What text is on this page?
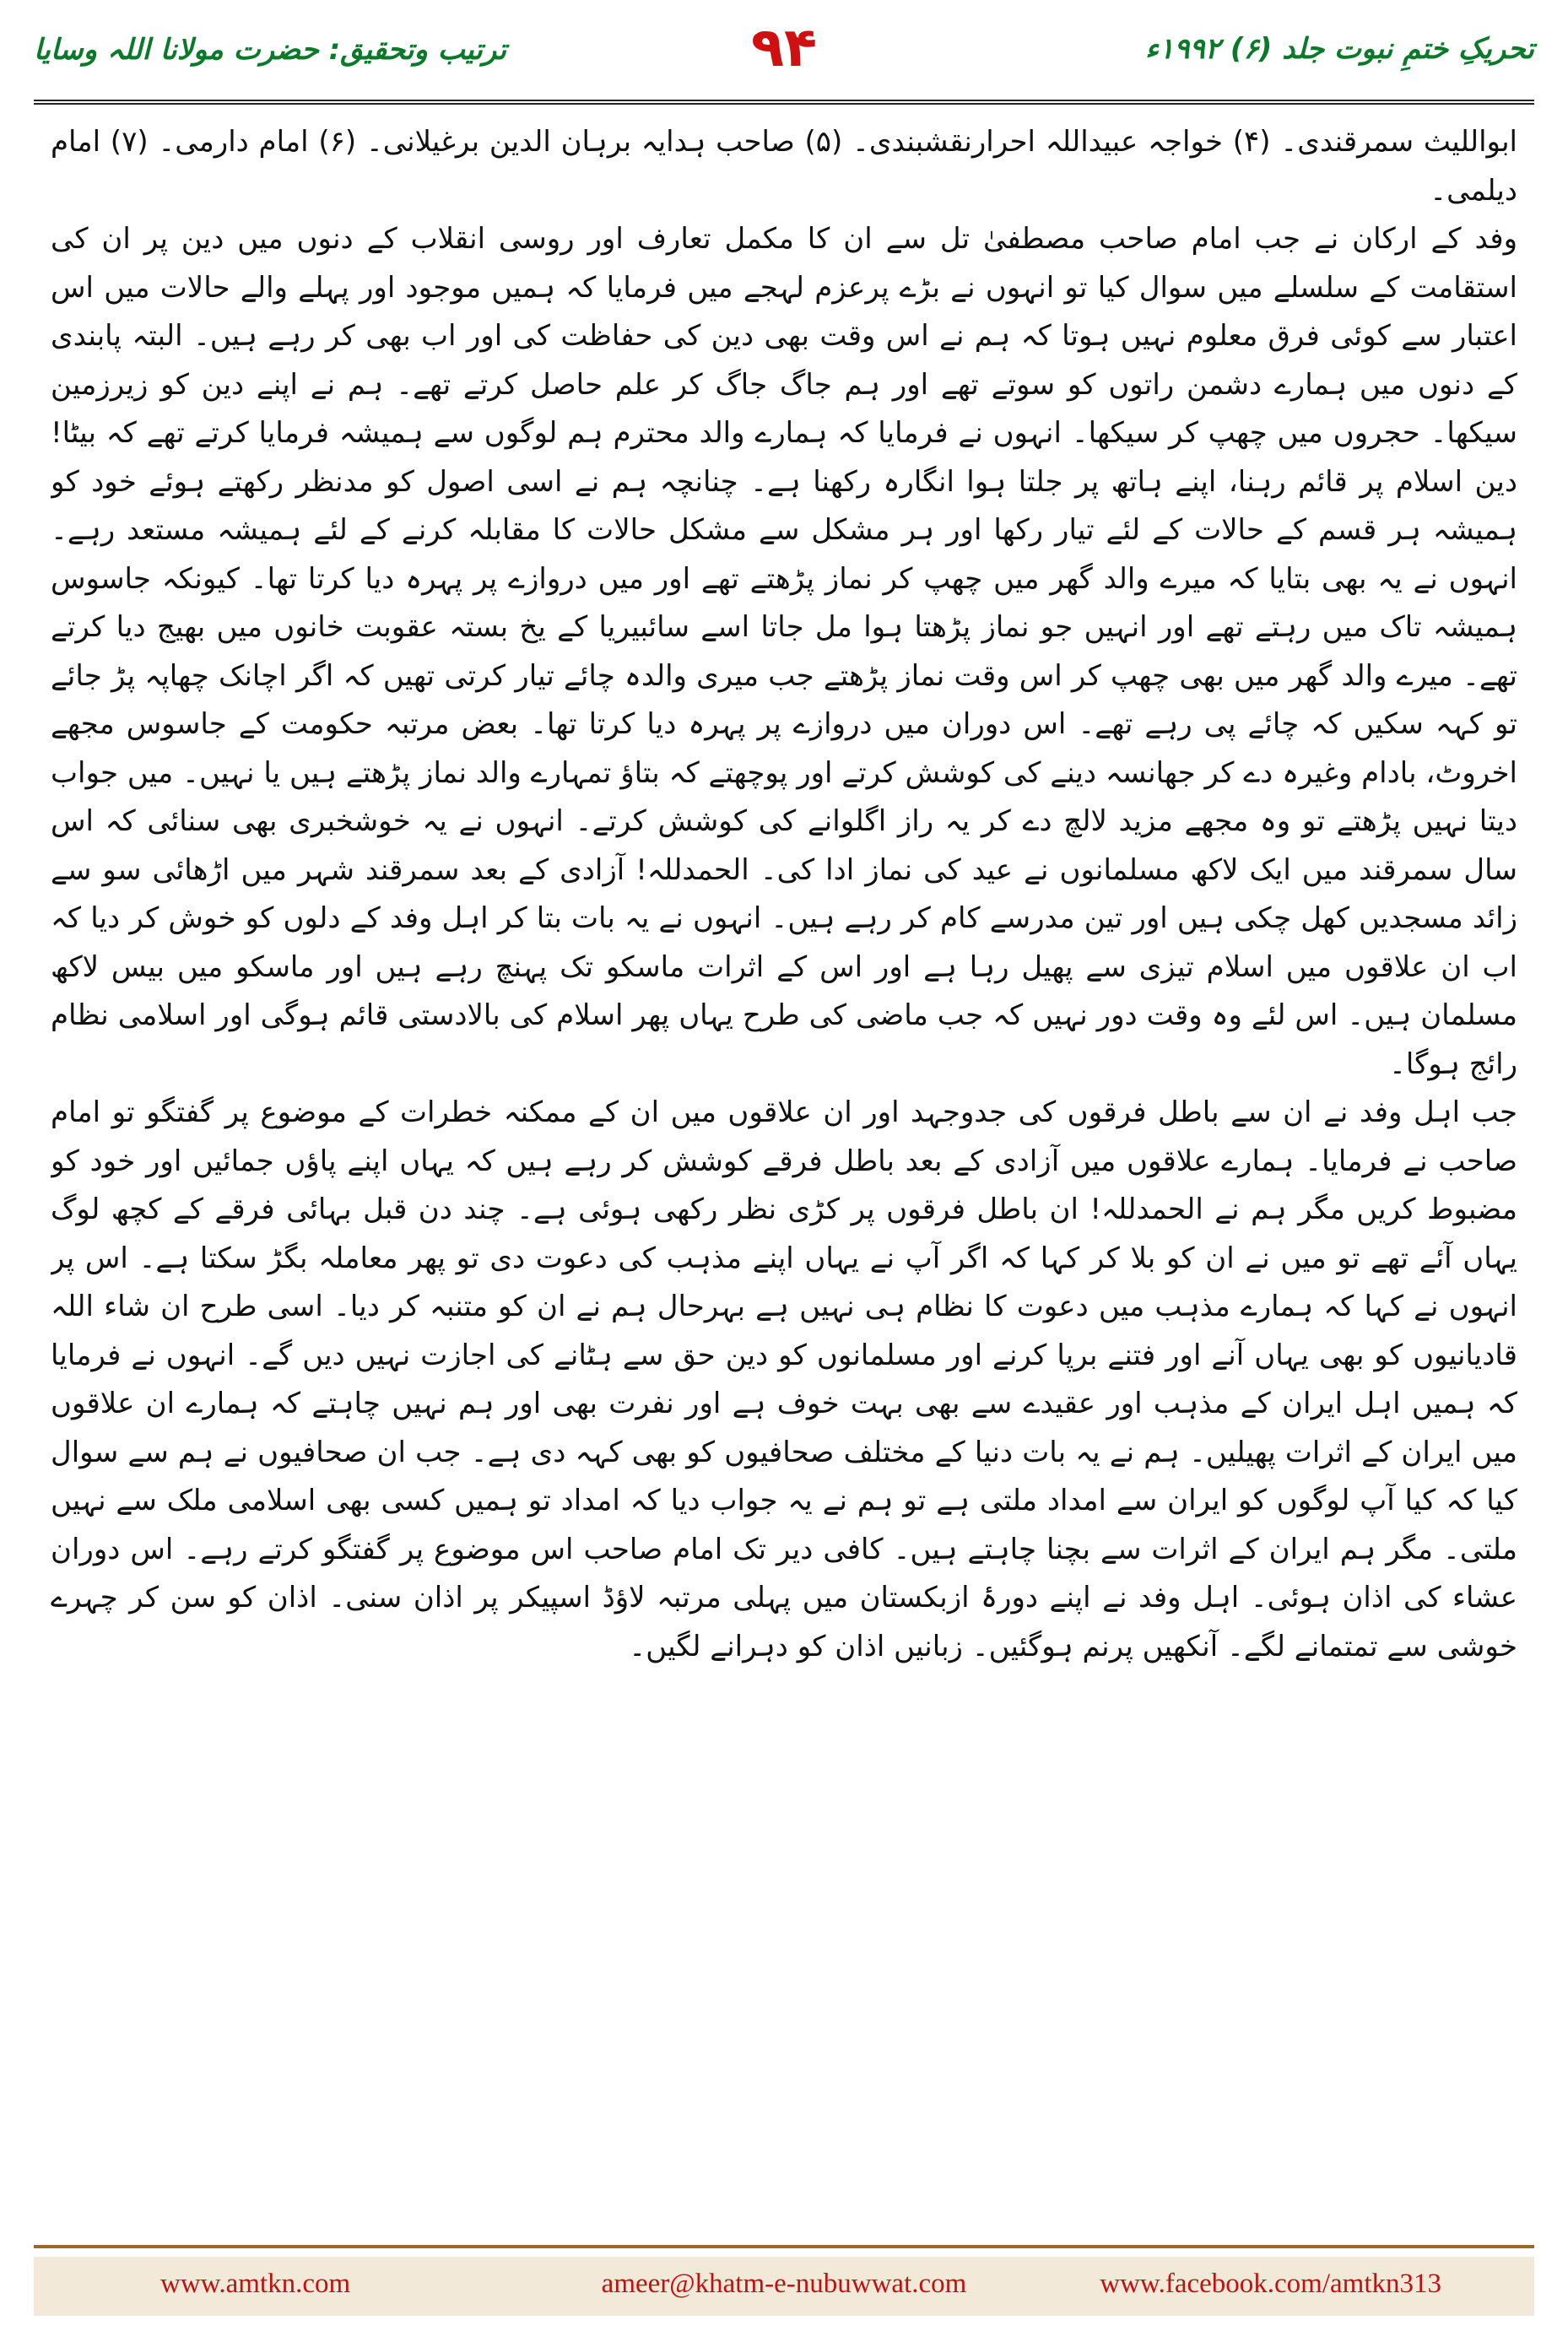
تحریکِ ختمِ نبوت جلد (۶) ۱۹۹۲ء
۹۴
ترتیب وتحقیق: حضرت مولانا اللہ وسایا

ابوالليث سمرقندی۔ (۴) خواجہ عبیداللہ احرارنقشبندی۔ (۵) صاحب ہدایہ برہان الدین برغیلانی۔ (۶) امام دارمی۔ (۷) امام دیلمی۔

وفد کے ارکان نے جب امام صاحب مصطفیٰ تل سے ان کا مکمل تعارف اور روسی انقلاب کے دنوں میں دین پر ان کی استقامت کے سلسلے میں سوال کیا تو انہوں نے بڑے پرعزم لہجے میں فرمایا کہ ہمیں موجود اور پہلے والے حالات میں اس اعتبار سے کوئی فرق معلوم نہیں ہوتا کہ ہم نے اس وقت بھی دین کی حفاظت کی اور اب بھی کر رہے ہیں۔ البتہ پابندی کے دنوں میں ہمارے دشمن راتوں کو سوتے تھے اور ہم جاگ جاگ کر علم حاصل کرتے تھے۔ ہم نے اپنے دین کو زیرزمین سیکھا۔ حجروں میں چھپ کر سیکھا۔ انہوں نے فرمایا کہ ہمارے والد محترم ہم لوگوں سے ہمیشہ فرمایا کرتے تھے کہ بیٹا! دین اسلام پر قائم رہنا، اپنے ہاتھ پر جلتا ہوا انگارہ رکھنا ہے۔ چنانچہ ہم نے اسی اصول کو مدنظر رکھتے ہوئے خود کو ہمیشہ ہر قسم کے حالات کے لئے تیار رکھا اور ہر مشکل سے مشکل حالات کا مقابلہ کرنے کے لئے ہمیشہ مستعد رہے۔ انہوں نے یہ بھی بتایا کہ میرے والد گھر میں چھپ کر نماز پڑھتے تھے اور میں دروازے پر پہرہ دیا کرتا تھا۔ کیونکہ جاسوس ہمیشہ تاک میں رہتے تھے اور انہیں جو نماز پڑھتا ہوا مل جاتا اسے سائبیریا کے یخ بستہ عقوبت خانوں میں بھیج دیا کرتے تھے۔ میرے والد گھر میں بھی چھپ کر اس وقت نماز پڑھتے جب میری والدہ چائے تیار کرتی تھیں کہ اگر اچانک چھاپہ پڑ جائے تو کہہ سکیں کہ چائے پی رہے تھے۔ اس دوران میں دروازے پر پہرہ دیا کرتا تھا۔ بعض مرتبہ حکومت کے جاسوس مجھے اخروٹ، بادام وغیرہ دے کر جھانسہ دینے کی کوشش کرتے اور پوچھتے کہ بتاؤ تمہارے والد نماز پڑھتے ہیں یا نہیں۔ میں جواب دیتا نہیں پڑھتے تو وہ مجھے مزید لالچ دے کر یہ راز اگلوانے کی کوشش کرتے۔ انہوں نے یہ خوشخبری بھی سنائی کہ اس سال سمرقند میں ایک لاکھ مسلمانوں نے عید کی نماز ادا کی۔ الحمدللہ! آزادی کے بعد سمرقند شہر میں اڑھائی سو سے زائد مسجدیں کھل چکی ہیں اور تین مدرسے کام کر رہے ہیں۔ انہوں نے یہ بات بتا کر اہل وفد کے دلوں کو خوش کر دیا کہ اب ان علاقوں میں اسلام تیزی سے پھیل رہا ہے اور اس کے اثرات ماسکو تک پہنچ رہے ہیں اور ماسکو میں بیس لاکھ مسلمان ہیں۔ اس لئے وہ وقت دور نہیں کہ جب ماضی کی طرح یہاں پھر اسلام کی بالادستی قائم ہوگی اور اسلامی نظام رائج ہوگا۔

جب اہل وفد نے ان سے باطل فرقوں کی جدوجہد اور ان علاقوں میں ان کے ممکنہ خطرات کے موضوع پر گفتگو تو امام صاحب نے فرمایا۔ ہمارے علاقوں میں آزادی کے بعد باطل فرقے کوشش کر رہے ہیں کہ یہاں اپنے پاؤں جمائیں اور خود کو مضبوط کریں مگر ہم نے الحمدللہ! ان باطل فرقوں پر کڑی نظر رکھی ہوئی ہے۔ چند دن قبل بہائی فرقے کے کچھ لوگ یہاں آئے تھے تو میں نے ان کو بلا کر کہا کہ اگر آپ نے یہاں اپنے مذہب کی دعوت دی تو پھر معاملہ بگڑ سکتا ہے۔ اس پر انہوں نے کہا کہ ہمارے مذہب میں دعوت کا نظام ہی نہیں ہے بہرحال ہم نے ان کو متنبہ کر دیا۔ اسی طرح ان شاء اللہ قادیانیوں کو بھی یہاں آنے اور فتنے برپا کرنے اور مسلمانوں کو دین حق سے ہٹانے کی اجازت نہیں دیں گے۔ انہوں نے فرمایا کہ ہمیں اہل ایران کے مذہب اور عقیدے سے بھی بہت خوف ہے اور نفرت بھی اور ہم نہیں چاہتے کہ ہمارے ان علاقوں میں ایران کے اثرات پھیلیں۔ ہم نے یہ بات دنیا کے مختلف صحافیوں کو بھی کہہ دی ہے۔ جب ان صحافیوں نے ہم سے سوال کیا کہ کیا آپ لوگوں کو ایران سے امداد ملتی ہے تو ہم نے یہ جواب دیا کہ امداد تو ہمیں کسی بھی اسلامی ملک سے نہیں ملتی۔ مگر ہم ایران کے اثرات سے بچنا چاہتے ہیں۔ کافی دیر تک امام صاحب اس موضوع پر گفتگو کرتے رہے۔ اس دوران عشاء کی اذان ہوئی۔ اہل وفد نے اپنے دورۂ ازبکستان میں پہلی مرتبہ لاؤڈ اسپیکر پر اذان سنی۔ اذان کو سن کر چہرے خوشی سے تمتمانے لگے۔ آنکھیں پرنم ہوگئیں۔ زبانیں اذان کو دہرانے لگیں۔

www.amtkn.com	ameer@khatm-e-nubuwwat.com	www.facebook.com/amtkn313
